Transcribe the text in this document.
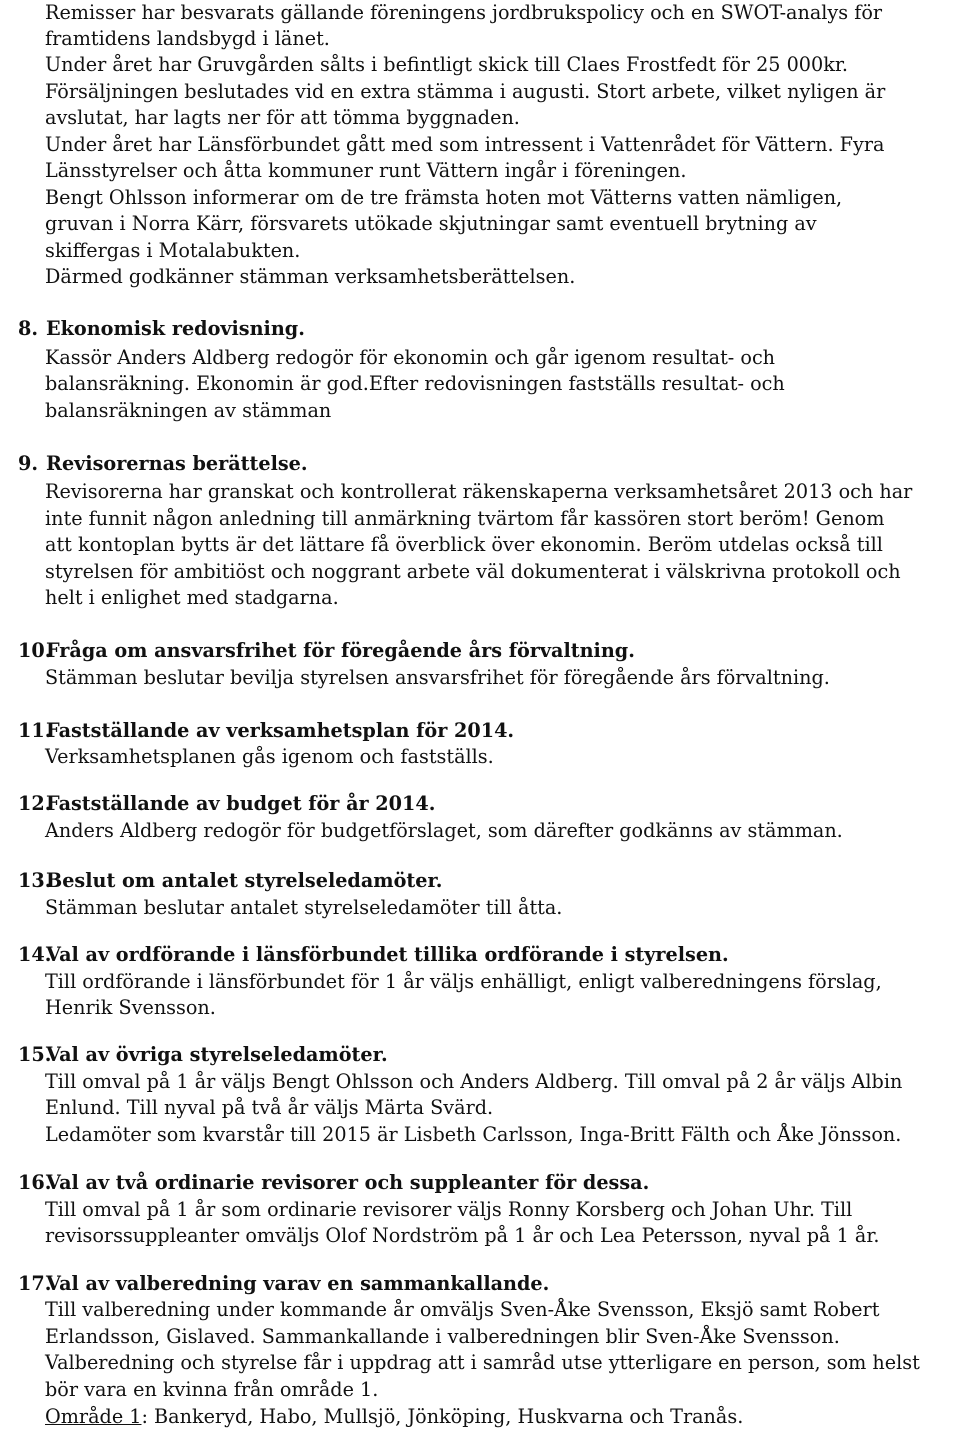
Remisser har besvarats gällande föreningens jordbrukspolicy och en SWOT-analys för
framtidens landsbygd i länet.
Under året har Gruvgården sålts i befintligt skick till Claes Frostfedt för 25 000kr.
Försäljningen beslutades vid en extra stämma i augusti. Stort arbete, vilket nyligen är
avslutat, har lagts ner för att tömma byggnaden.
Under året har Länsförbundet gått med som intressent i Vattenrådet för Vättern. Fyra
Länsstyrelser och åtta kommuner runt Vättern ingår i föreningen.
Bengt Ohlsson informerar om de tre främsta hoten mot Vätterns vatten nämligen,
gruvan i Norra Kärr, försvarets utökade skjutningar samt eventuell brytning av
skiffergas i Motalabukten.
Därmed godkänner stämman verksamhetsberättelsen.
8. Ekonomisk redovisning.
Kassör Anders Aldberg redogör för ekonomin och går igenom resultat- och
balansräkning. Ekonomin är god.Efter redovisningen fastställs resultat- och
balansräkningen av stämman
9. Revisorernas berättelse.
Revisorerna har granskat och kontrollerat räkenskaperna verksamhetsåret 2013 och har
inte funnit någon anledning till anmärkning tvärtom får kassören stort beröm! Genom
att kontoplan bytts är det lättare få överblick över ekonomin. Beröm utdelas också till
styrelsen för ambitiöst och noggrant arbete väl dokumenterat i välskrivna protokoll och
helt i enlighet med stadgarna.
10.Fråga om ansvarsfrihet för föregående års förvaltning.
Stämman beslutar bevilja styrelsen ansvarsfrihet för föregående års förvaltning.
11.Fastställande av verksamhetsplan för 2014.
Verksamhetsplanen gås igenom och fastställs.
12.Fastställande av budget för år 2014.
Anders Aldberg redogör för budgetförslaget, som därefter godkänns av stämman.
13.Beslut om antalet styrelseledamöter.
Stämman beslutar antalet styrelseledamöter till åtta.
14.Val av ordförande i länsförbundet tillika ordförande i styrelsen.
Till ordförande i länsförbundet för 1 år väljs enhälligt, enligt valberedningens förslag,
Henrik Svensson.
15.Val av övriga styrelseledamöter.
Till omval på 1 år väljs Bengt Ohlsson och Anders Aldberg. Till omval på 2 år väljs Albin
Enlund. Till nyval på två år väljs Märta Svärd.
Ledamöter som kvarstår till 2015 är Lisbeth Carlsson, Inga-Britt Fälth och Åke Jönsson.
16.Val av två ordinarie revisorer och suppleanter för dessa.
Till omval på 1 år som ordinarie revisorer väljs Ronny Korsberg och Johan Uhr. Till
revisorssuppleanter omväljs Olof Nordström på 1 år och Lea Petersson, nyval på 1 år.
17.Val av valberedning varav en sammankallande.
Till valberedning under kommande år omväljs Sven-Åke Svensson, Eksjö samt Robert
Erlandsson, Gislaved. Sammankallande i valberedningen blir Sven-Åke Svensson.
Valberedning och styrelse får i uppdrag att i samråd utse ytterligare en person, som helst
bör vara en kvinna från område 1.
Område 1: Bankeryd, Habo, Mullsjö, Jönköping, Huskvarna och Tranås.
